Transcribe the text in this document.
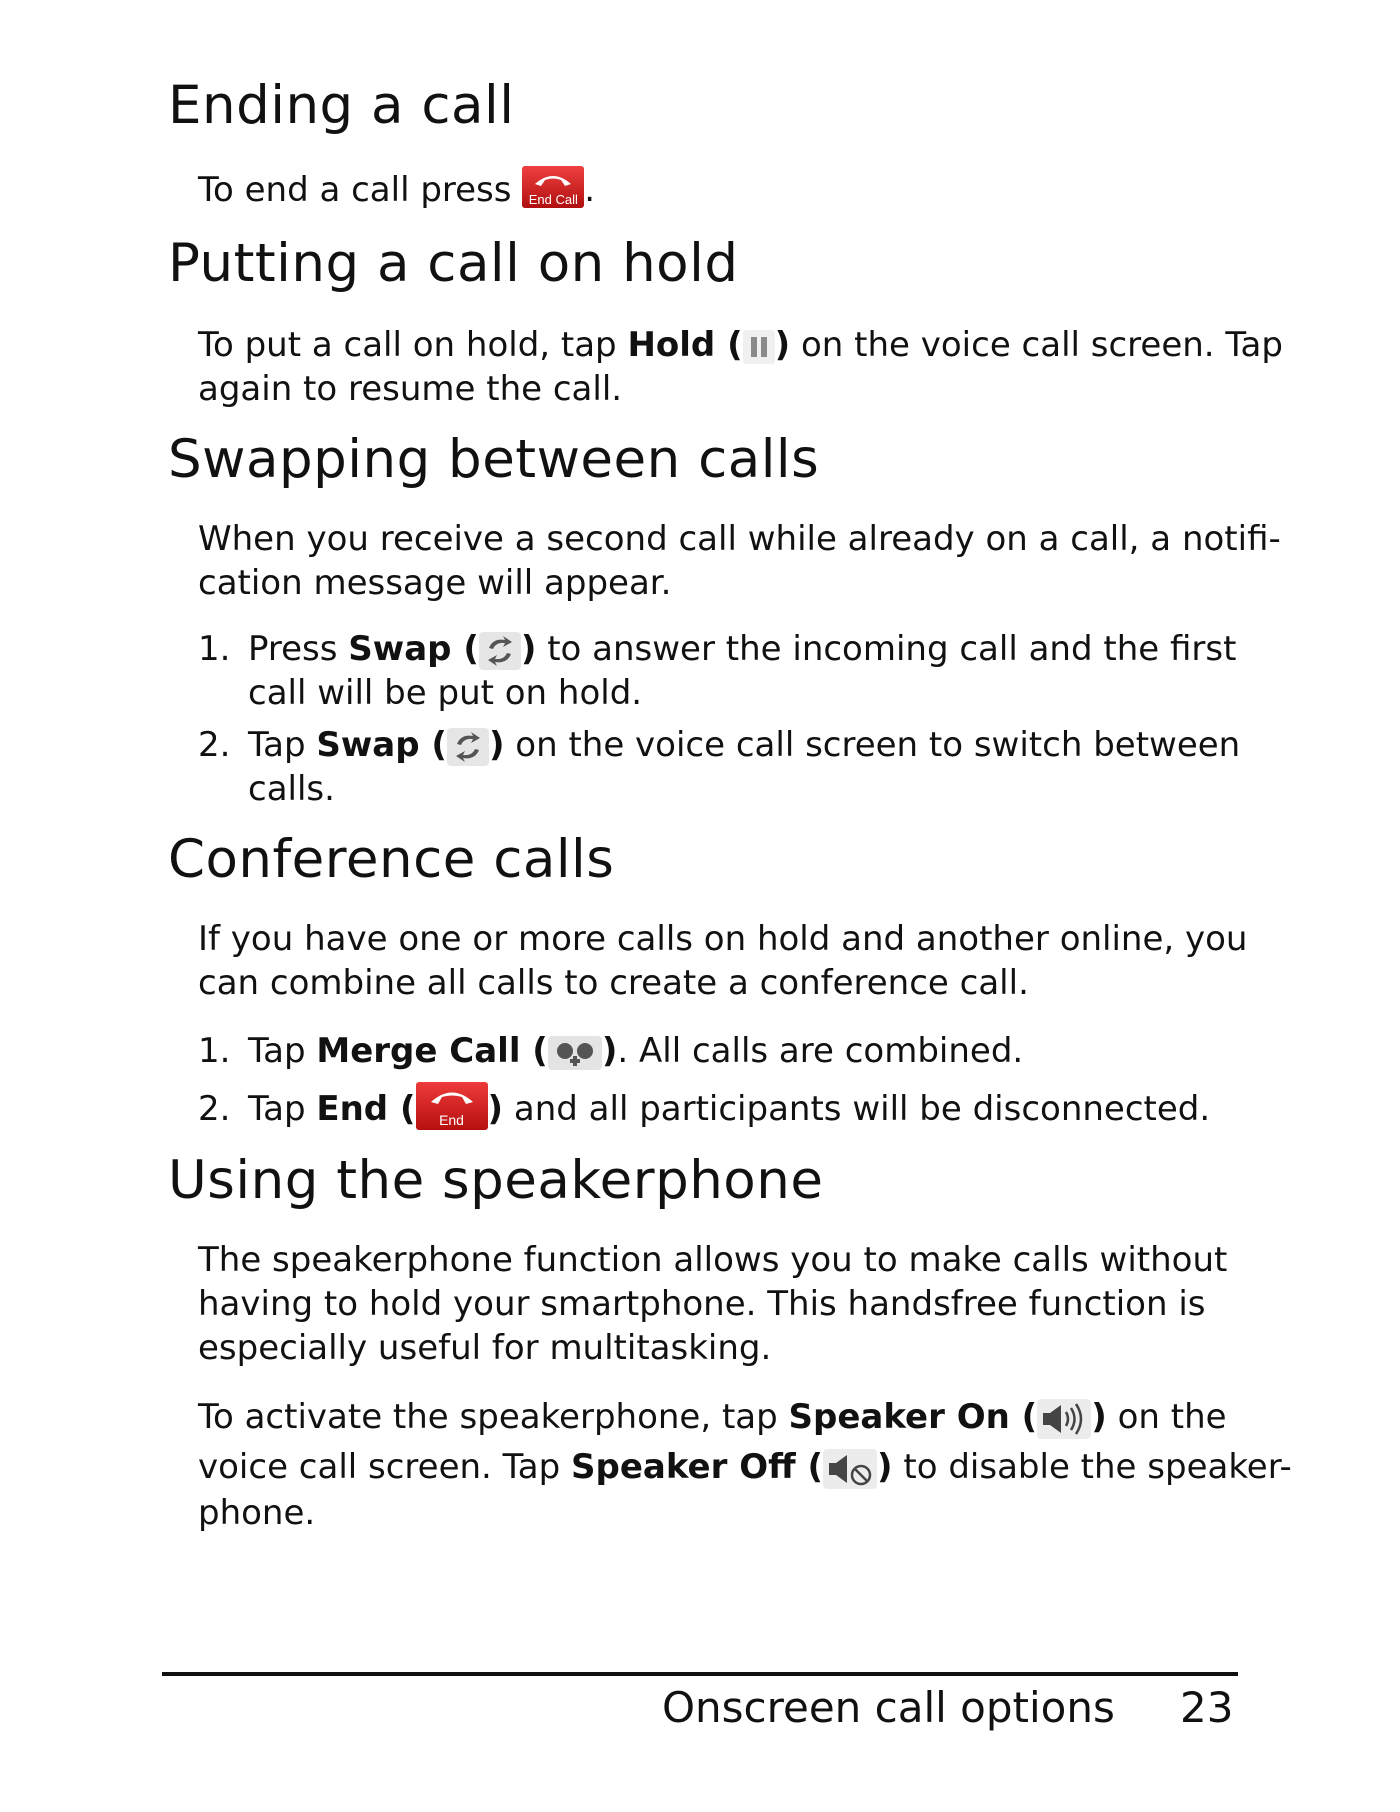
Ending a call

To end a call press End Call .

Putting a call on hold

To put a call on hold, tap Hold ( ) on the voice call screen. Tap

again to resume the call.

Swapping between calls

When you receive a second call while already on a call, a notifi-

cation message will appear.

1. Press Swap ( ) to answer the incoming call and the first
call will be put on hold.
2. Tap Swap ( ) on the voice call screen to switch between
calls.
Conference calls

If you have one or more calls on hold and another online, you

can combine all calls to create a conference call.

1. Tap Merge Call ( ). All calls are combined.
2. Tap End (	End ) and all participants will be disconnected.
Using the speakerphone

The speakerphone function allows you to make calls without

having to hold your smartphone. This handsfree function is

especially useful for multitasking.

To activate the speakerphone, tap Speaker On ( ) on the

voice call screen. Tap Speaker Off ( ) to disable the speaker-

phone.

Onscreen call options 23
